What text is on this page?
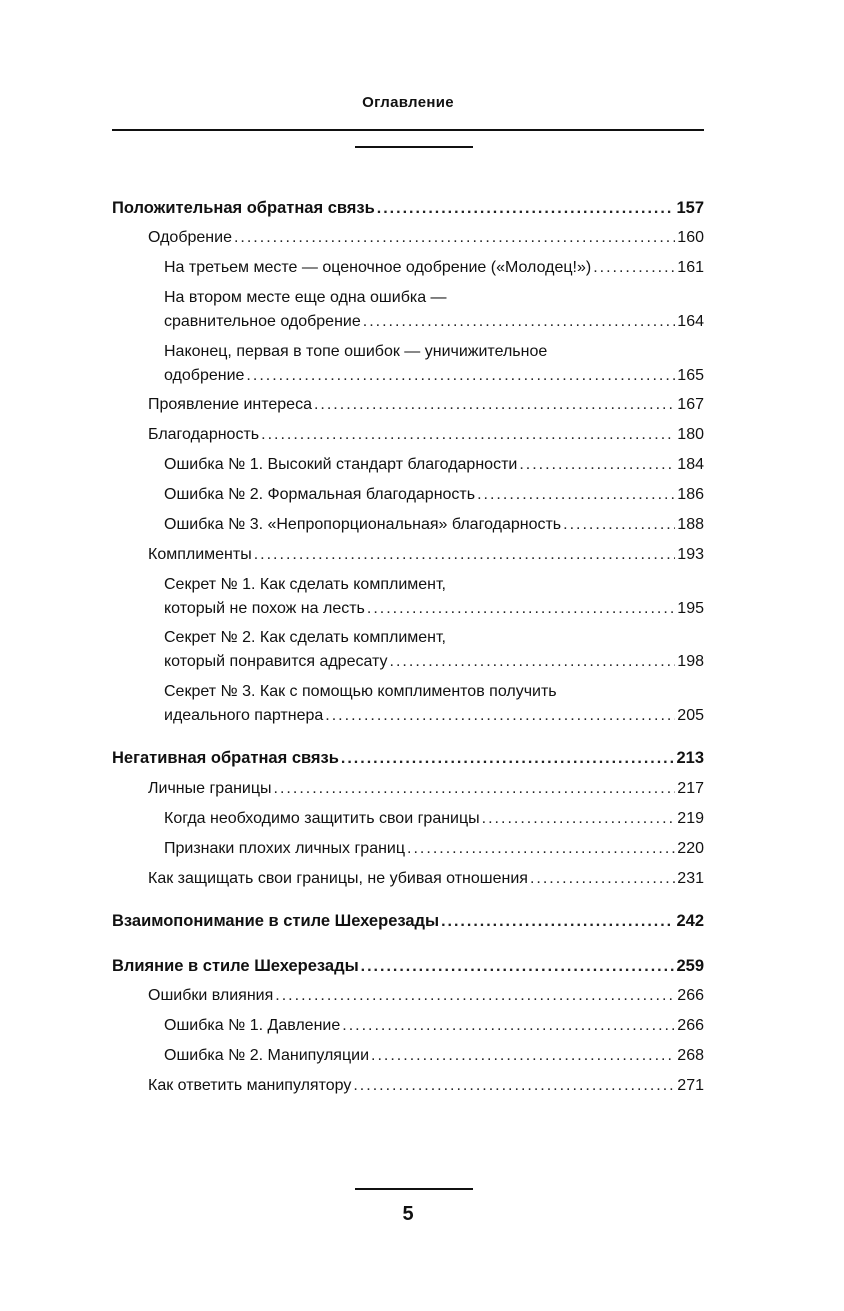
Оглавление
Положительная обратная связь .....	157
Одобрение .....	160
На третьем месте — оценочное одобрение («Молодец!») .....	161
На втором месте еще одна ошибка —
сравнительное одобрение .....	164
Наконец, первая в топе ошибок — уничижительное
одобрение .....	165
Проявление интереса .....	167
Благодарность .....	180
Ошибка № 1. Высокий стандарт благодарности .....	184
Ошибка № 2. Формальная благодарность .....	186
Ошибка № 3. «Непропорциональная» благодарность .....	188
Комплименты .....	193
Секрет № 1. Как сделать комплимент,
который не похож на лесть .....	195
Секрет № 2. Как сделать комплимент,
который понравится адресату .....	198
Секрет № 3. Как с помощью комплиментов получить
идеального партнера .....	205
Негативная обратная связь .....	213
Личные границы .....	217
Когда необходимо защитить свои границы .....	219
Признаки плохих личных границ .....	220
Как защищать свои границы, не убивая отношения .....	231
Взаимопонимание в стиле Шехерезады .....	242
Влияние в стиле Шехерезады .....	259
Ошибки влияния .....	266
Ошибка № 1. Давление .....	266
Ошибка № 2. Манипуляции .....	268
Как ответить манипулятору .....	271
5
